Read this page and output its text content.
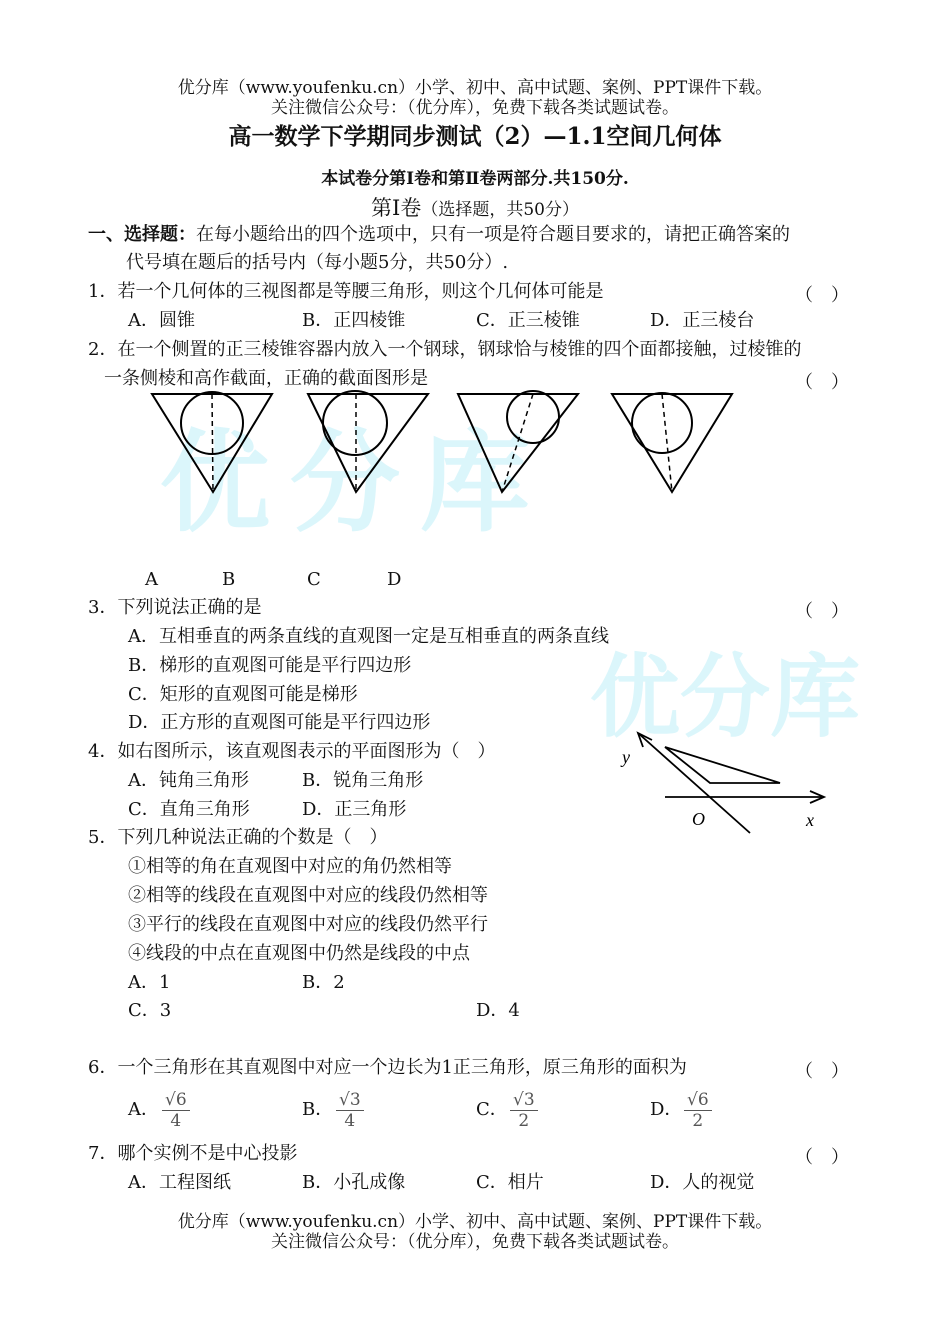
优分库
优分库
优分库（www.youfenku.cn）小学、初中、高中试题、案例、PPT课件下载。
关注微信公众号：（优分库），免费下载各类试题试卷。
高一数学下学期同步测试（2）—1.1空间几何体
本试卷分第Ⅰ卷和第Ⅱ卷两部分.共150分.
第Ⅰ卷（选择题，共50分）
一、选择题：在每小题给出的四个选项中，只有一项是符合题目要求的，请把正确答案的
代号填在题后的括号内（每小题5分，共50分）.
1．若一个几何体的三视图都是等腰三角形，则这个几何体可能是	（　）
A．圆锥	B．正四棱锥	C．正三棱锥	D．正三棱台
2．在一个侧置的正三棱锥容器内放入一个钢球，钢球恰与棱锥的四个面都接触，过棱锥的
一条侧棱和高作截面，正确的截面图形是	（　）
A	B	C	D
3．下列说法正确的是	（　）
A．互相垂直的两条直线的直观图一定是互相垂直的两条直线
B．梯形的直观图可能是平行四边形
C．矩形的直观图可能是梯形
D．正方形的直观图可能是平行四边形
4．如右图所示，该直观图表示的平面图形为（　）
A．钝角三角形	B．锐角三角形
C．直角三角形	D．正三角形
y
O	x
5．下列几种说法正确的个数是（　）
①相等的角在直观图中对应的角仍然相等
②相等的线段在直观图中对应的线段仍然相等
③平行的线段在直观图中对应的线段仍然平行
④线段的中点在直观图中仍然是线段的中点
A．1	B．2
C．3	D．4
6．一个三角形在其直观图中对应一个边长为1正三角形，原三角形的面积为	（　）
A． $\frac{√6}{4}$	B． $\frac{√3}{4}$	C． $\frac{√3}{2}$	D． $\frac{√6}{2}$
7．哪个实例不是中心投影	（　）
A．工程图纸	B．小孔成像	C．相片	D．人的视觉
优分库（www.youfenku.cn）小学、初中、高中试题、案例、PPT课件下载。
关注微信公众号：（优分库），免费下载各类试题试卷。
